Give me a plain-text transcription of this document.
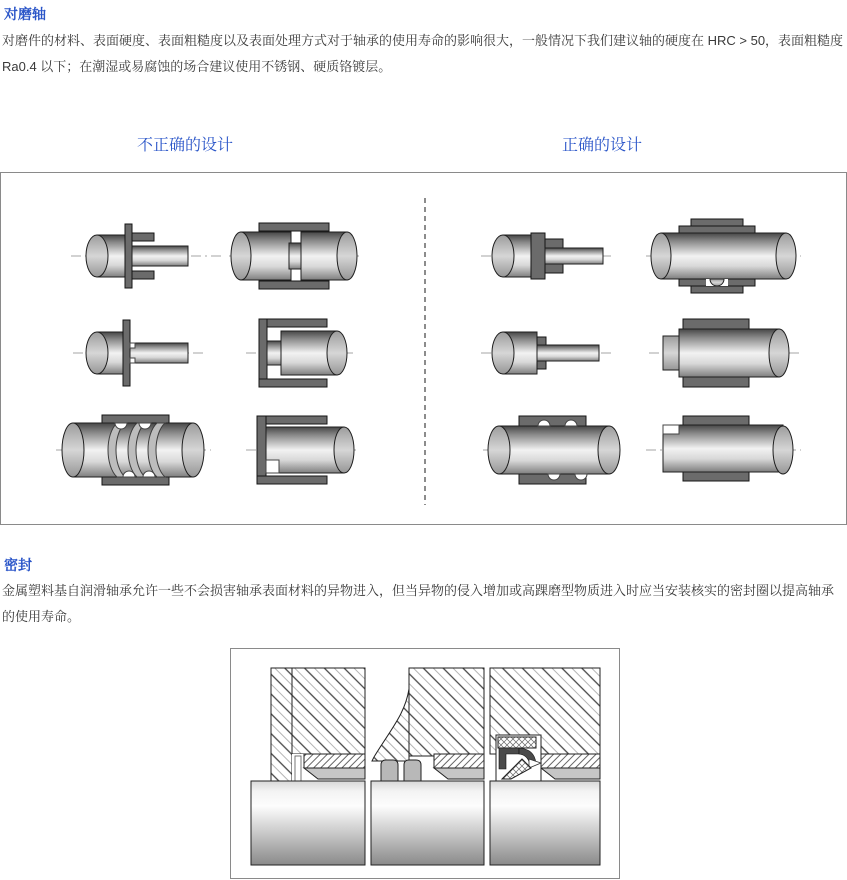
对磨轴
对磨件的材料、表面硬度、表面粗糙度以及表面处理方式对于轴承的使用寿命的影响很大，一般情况下我们建议轴的硬度在 HRC > 50，表面粗糙度 Ra0.4 以下；在潮湿或易腐蚀的场合建议使用不锈钢、硬质铬镀层。
不正确的设计	正确的设计
密封
金属塑料基自润滑轴承允许一些不会损害轴承表面材料的异物进入，但当异物的侵入增加或高踝磨型物质进入时应当安装核实的密封圈以提高轴承的使用寿命。
